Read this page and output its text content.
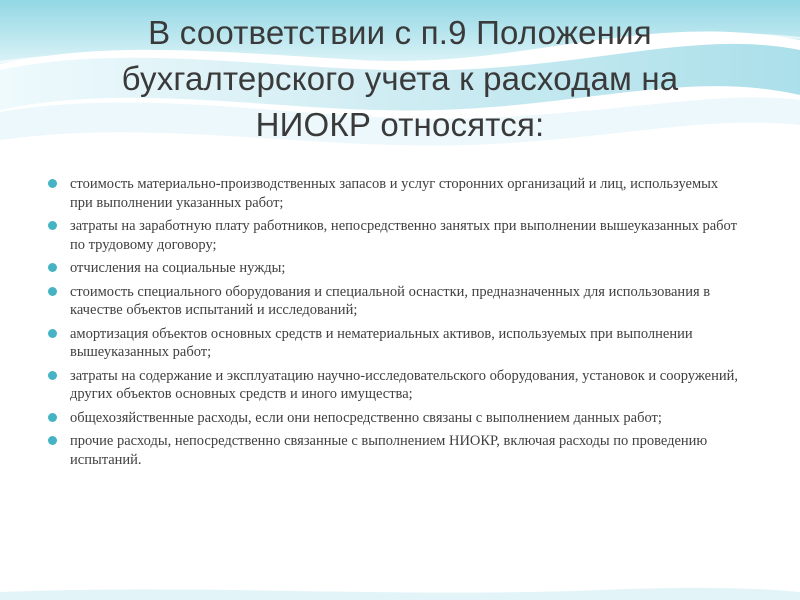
В соответствии с п.9 Положения бухгалтерского учета к расходам на НИОКР относятся:
стоимость материально-производственных запасов и услуг сторонних организаций и лиц, используемых при выполнении указанных работ;
затраты на заработную плату работников, непосредственно занятых при выполнении вышеуказанных работ по трудовому договору;
отчисления на социальные нужды;
стоимость специального оборудования и специальной оснастки, предназначенных для использования в качестве объектов испытаний и исследований;
амортизация объектов основных средств и нематериальных активов, используемых при выполнении вышеуказанных работ;
затраты на содержание и эксплуатацию научно-исследовательского оборудования, установок и сооружений, других объектов основных средств и иного имущества;
общехозяйственные расходы, если они непосредственно связаны с выполнением данных работ;
прочие расходы, непосредственно связанные с выполнением НИОКР, включая расходы по проведению испытаний.
